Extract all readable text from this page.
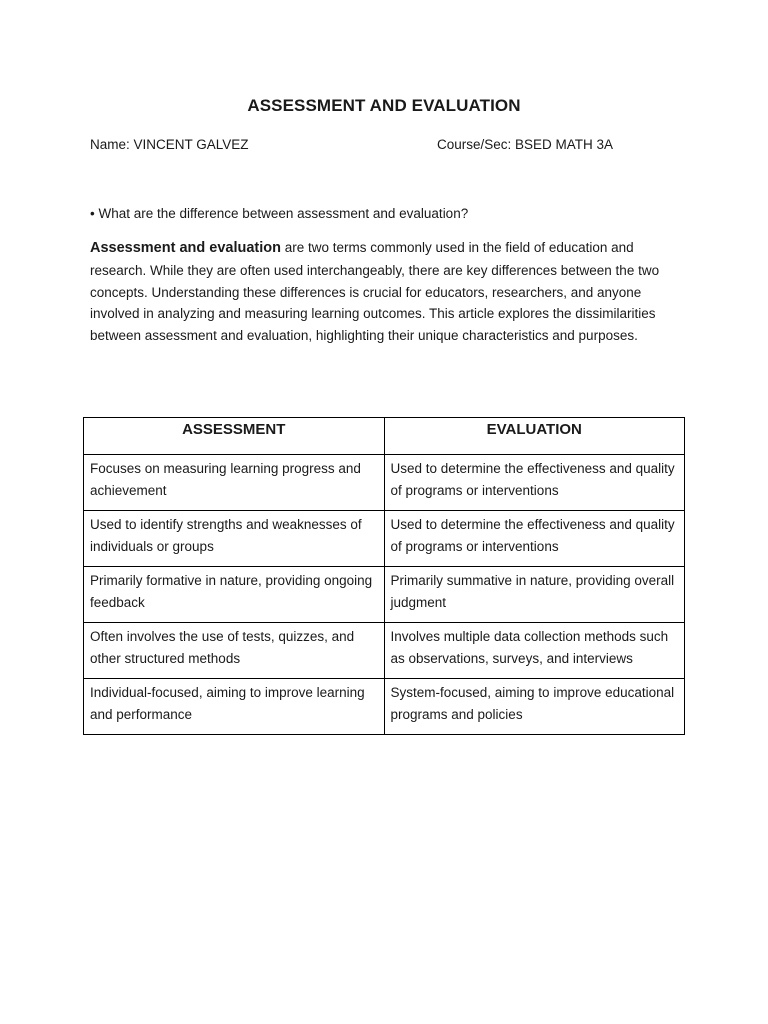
ASSESSMENT AND EVALUATION
Name: VINCENT GALVEZ	Course/Sec: BSED MATH 3A
• What are the difference between assessment and evaluation?
Assessment and evaluation are two terms commonly used in the field of education and research. While they are often used interchangeably, there are key differences between the two concepts. Understanding these differences is crucial for educators, researchers, and anyone involved in analyzing and measuring learning outcomes. This article explores the dissimilarities between assessment and evaluation, highlighting their unique characteristics and purposes.
ASSESSMENT	EVALUATION
Focuses on measuring learning progress and achievement	Used to determine the effectiveness and quality of programs or interventions
Used to identify strengths and weaknesses of individuals or groups	Used to determine the effectiveness and quality of programs or interventions
Primarily formative in nature, providing ongoing feedback	Primarily summative in nature, providing overall judgment
Often involves the use of tests, quizzes, and other structured methods	Involves multiple data collection methods such as observations, surveys, and interviews
Individual-focused, aiming to improve learning and performance	System-focused, aiming to improve educational programs and policies
